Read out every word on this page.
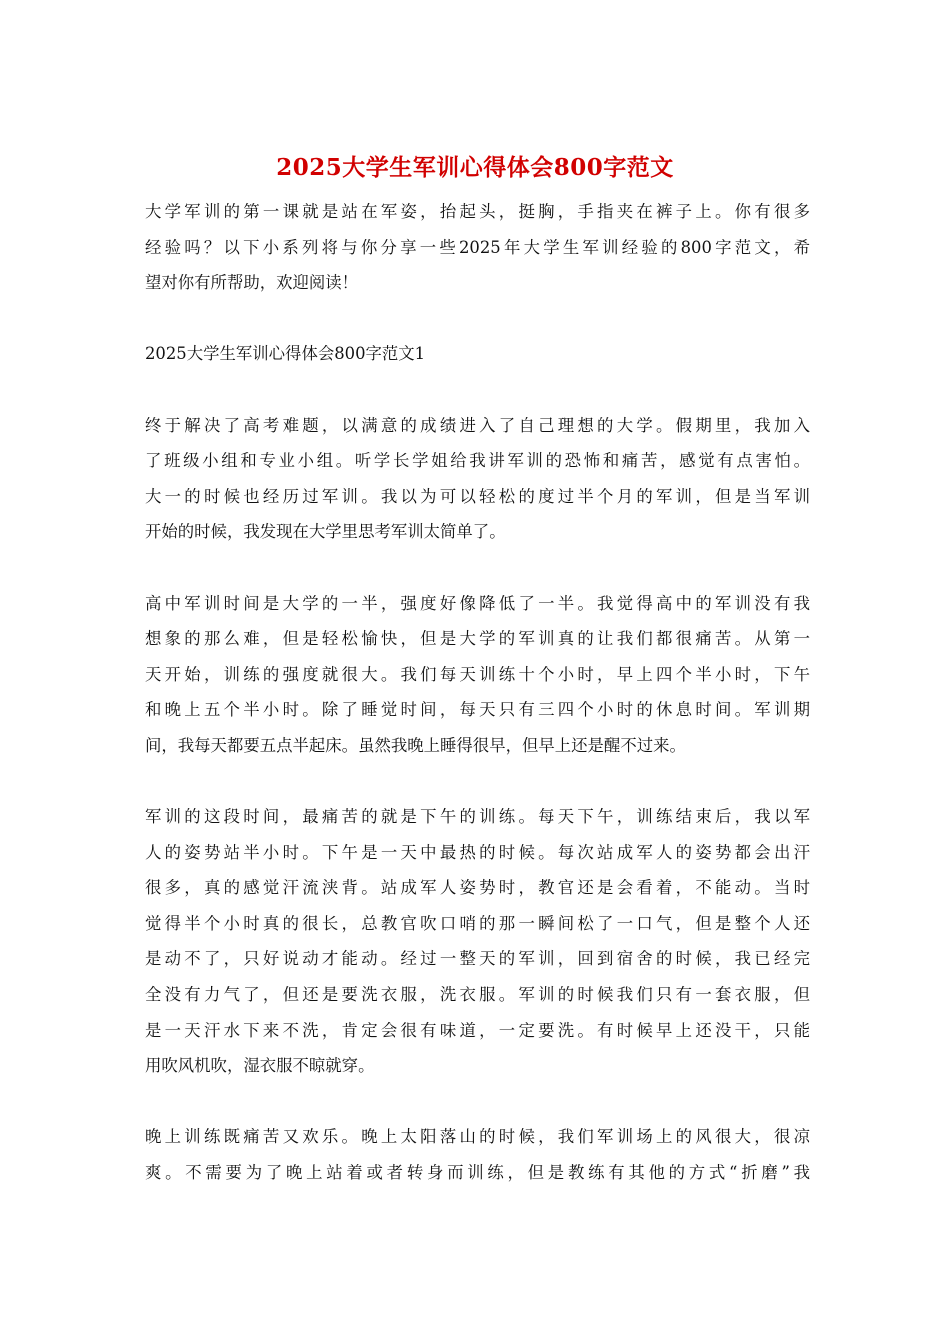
2025大学生军训心得体会800字范文
大学军训的第一课就是站在军姿，抬起头，挺胸，手指夹在裤子上。你有很多
经验吗？以下小系列将与你分享一些2025年大学生军训经验的800字范文，希
望对你有所帮助，欢迎阅读！
2025大学生军训心得体会800字范文1
终于解决了高考难题，以满意的成绩进入了自己理想的大学。假期里，我加入
了班级小组和专业小组。听学长学姐给我讲军训的恐怖和痛苦，感觉有点害怕。
大一的时候也经历过军训。我以为可以轻松的度过半个月的军训，但是当军训
开始的时候，我发现在大学里思考军训太简单了。
高中军训时间是大学的一半，强度好像降低了一半。我觉得高中的军训没有我
想象的那么难，但是轻松愉快，但是大学的军训真的让我们都很痛苦。从第一
天开始，训练的强度就很大。我们每天训练十个小时，早上四个半小时，下午
和晚上五个半小时。除了睡觉时间，每天只有三四个小时的休息时间。军训期
间，我每天都要五点半起床。虽然我晚上睡得很早，但早上还是醒不过来。
军训的这段时间，最痛苦的就是下午的训练。每天下午，训练结束后，我以军
人的姿势站半小时。下午是一天中最热的时候。每次站成军人的姿势都会出汗
很多，真的感觉汗流浃背。站成军人姿势时，教官还是会看着，不能动。当时
觉得半个小时真的很长，总教官吹口哨的那一瞬间松了一口气，但是整个人还
是动不了，只好说动才能动。经过一整天的军训，回到宿舍的时候，我已经完
全没有力气了，但还是要洗衣服，洗衣服。军训的时候我们只有一套衣服，但
是一天汗水下来不洗，肯定会很有味道，一定要洗。有时候早上还没干，只能
用吹风机吹，湿衣服不晾就穿。
晚上训练既痛苦又欢乐。晚上太阳落山的时候，我们军训场上的风很大，很凉
爽。不需要为了晚上站着或者转身而训练，但是教练有其他的方式“折磨”我
